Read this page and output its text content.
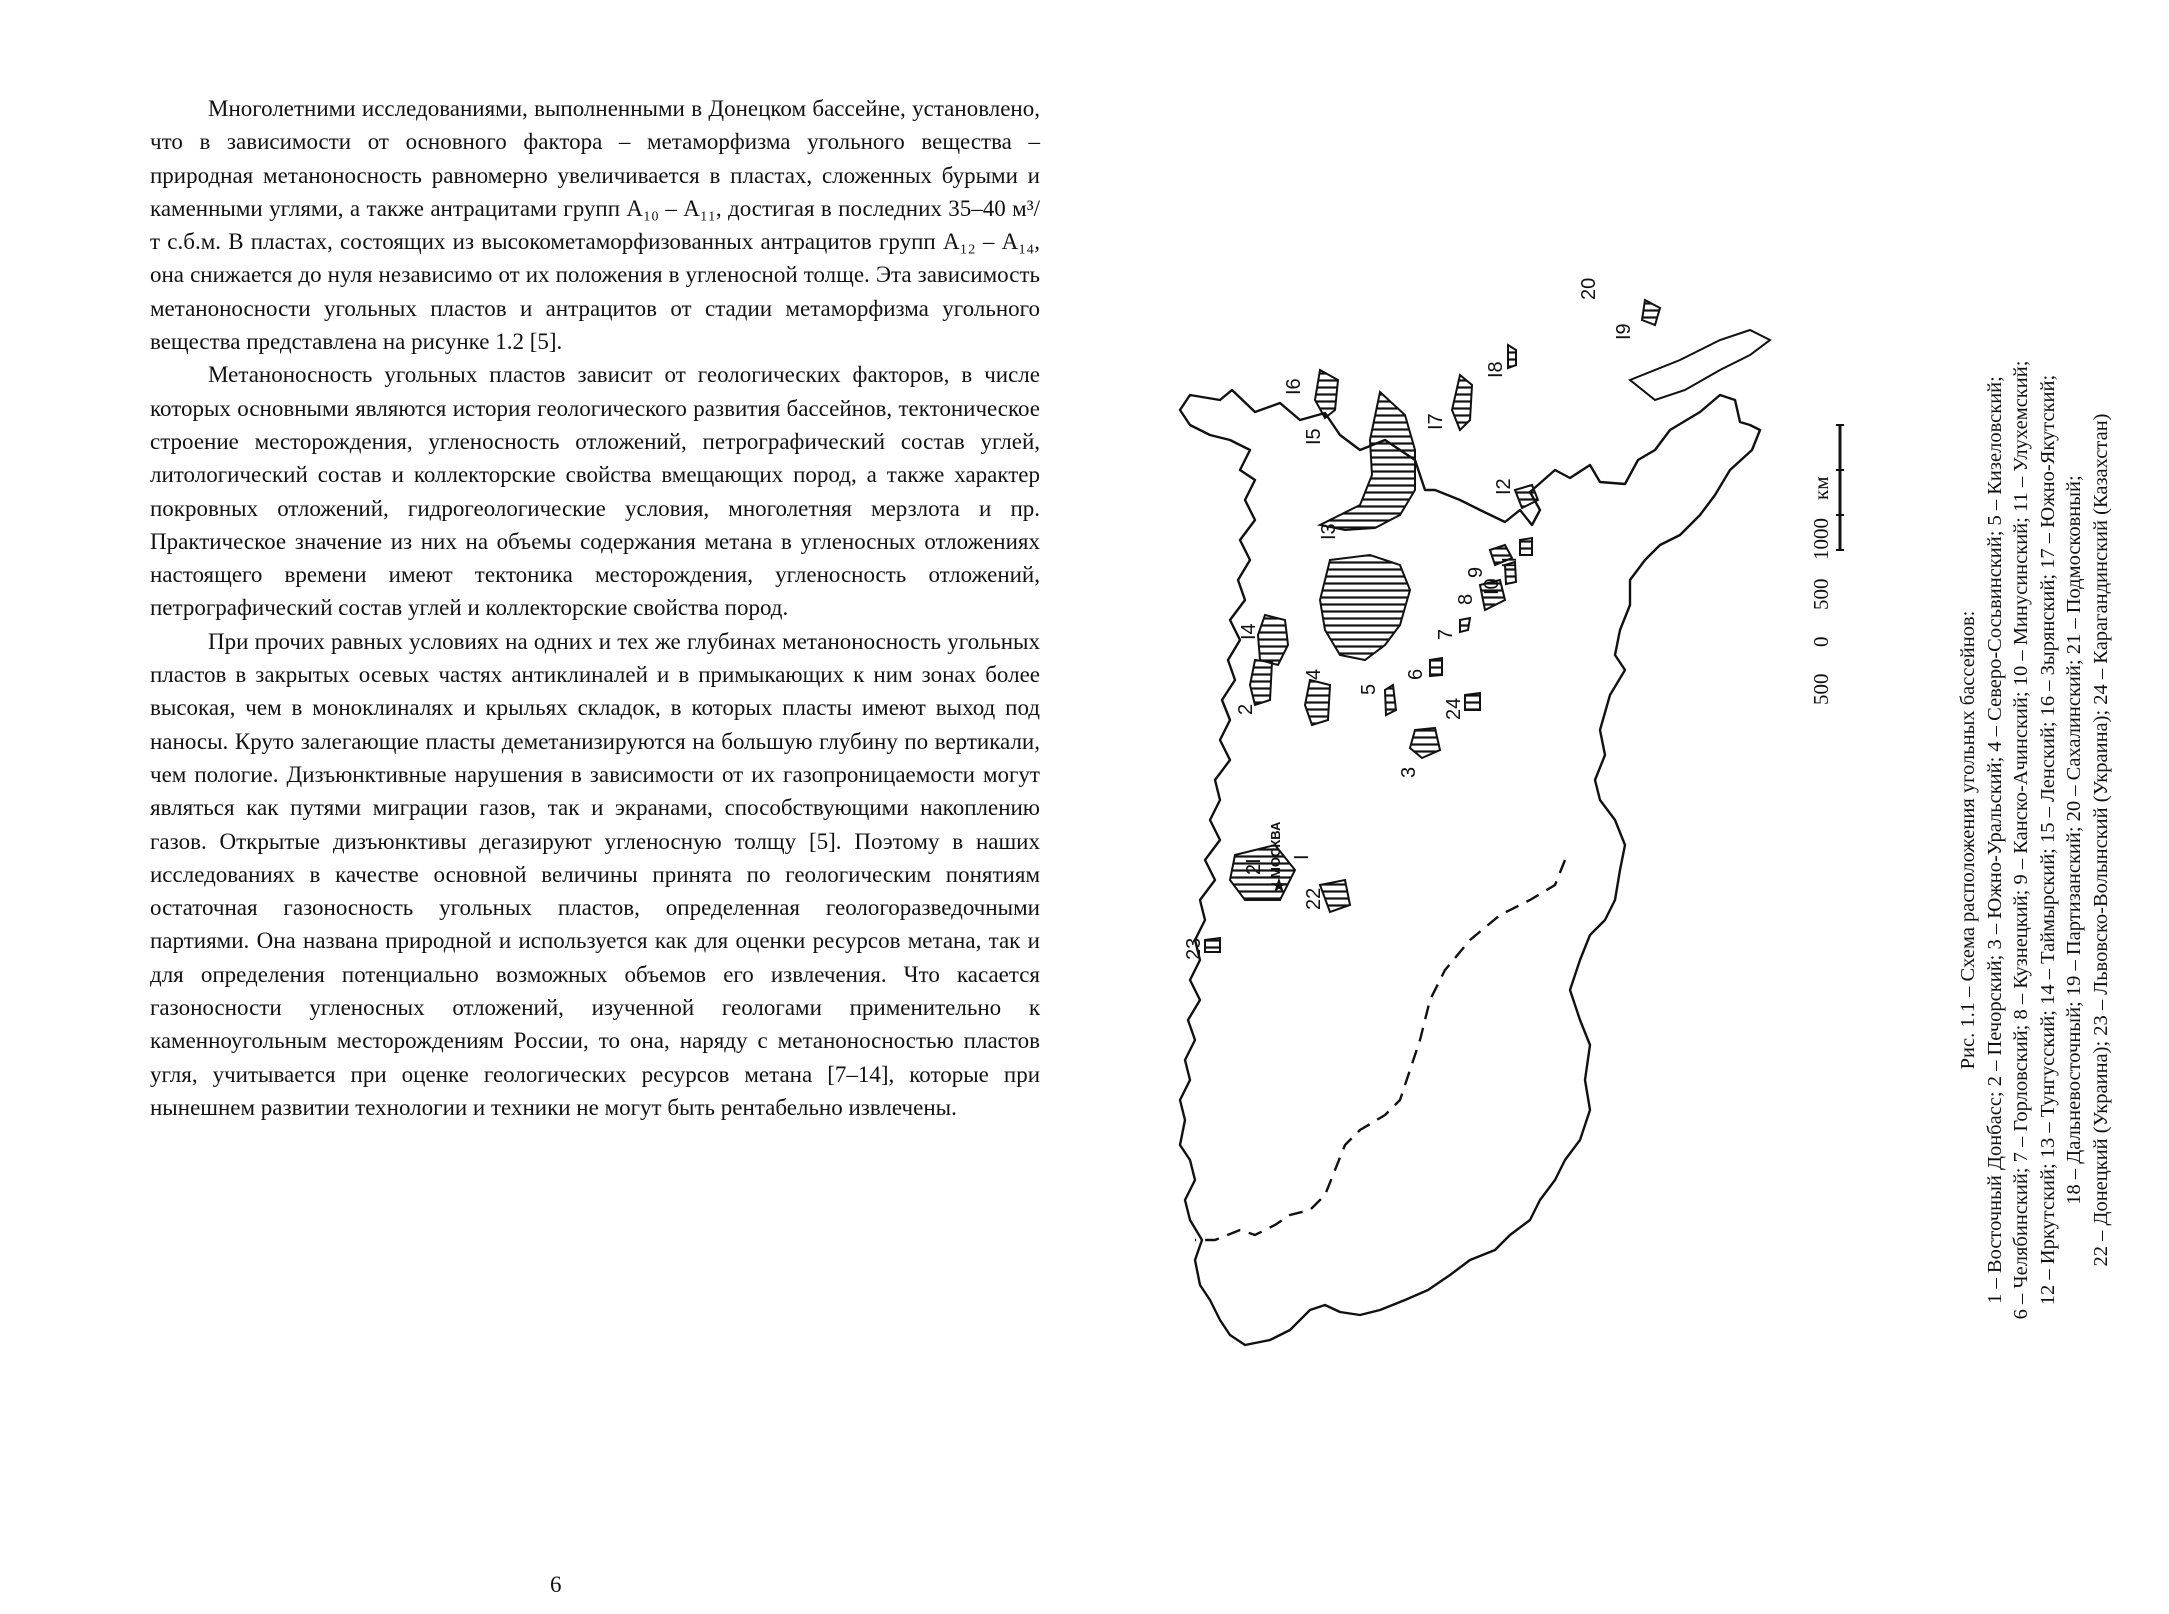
Многолетними исследованиями, выполненными в Донецком бассейне, установлено, что в зависимости от основного фактора – метаморфизма угольного вещества – природная метаноносность равномерно увеличивается в пластах, сложенных бурыми и каменными углями, а также антрацитами групп А₁₀ – А₁₁, достигая в последних 35–40 м³/т с.б.м. В пластах, состоящих из высокометаморфизованных антрацитов групп А₁₂ – А₁₄, она снижается до нуля независимо от их положения в угленосной толще. Эта зависимость метаноносности угольных пластов и антрацитов от стадии метаморфизма угольного вещества представлена на рисунке 1.2 [5].

Метаноносность угольных пластов зависит от геологических факторов, в числе которых основными являются история геологического развития бассейнов, тектоническое строение месторождения, угленосность отложений, петрографический состав углей, литологический состав и коллекторские свойства вмещающих пород, а также характер покровных отложений, гидрогеологические условия, многолетняя мерзлота и пр. Практическое значение из них на объемы содержания метана в угленосных отложениях настоящего времени имеют тектоника месторождения, угленосность отложений, петрографический состав углей и коллекторские свойства пород.

При прочих равных условиях на одних и тех же глубинах метаноносность угольных пластов в закрытых осевых частях антиклиналей и в примыкающих к ним зонах более высокая, чем в моноклиналях и крыльях складок, в которых пласты имеют выход под наносы. Круто залегающие пласты деметанизируются на большую глубину по вертикали, чем пологие. Дизъюнктивные нарушения в зависимости от их газопроницаемости могут являться как путями миграции газов, так и экранами, способствующими накоплению газов. Открытые дизъюнктивы дегазируют угленосную толщу [5]. Поэтому в наших исследованиях в качестве основной величины принята по геологическим понятиям остаточная газоносность угольных пластов, определенная геологоразведочными партиями. Она названа природной и используется как для оценки ресурсов метана, так и для определения потенциально возможных объемов его извлечения. Что касается газоносности угленосных отложений, изученной геологами применительно к каменноугольным месторождениям России, то она, наряду с метаноносностью пластов угля, учитывается при оценке геологических ресурсов метана [7–14], которые при нынешнем развитии технологии и техники не могут быть рентабельно извлечены.

6
★
МОСКВА I
2
3
4
5
6
7
8
9
I0
II
I2
I3
I4
I5
I6
I7
I8
I9
20
2I
22
23
24
500
0
500
1000
км
Рис. 1.1 – Схема расположения угольных бассейнов: 1 – Восточный Донбасс; 2 – Печорский; 3 – Южно-Уральский; 4 – Северо-Сосьвинский; 5 – Кизеловский; 6 – Челябинский; 7 – Горловский; 8 – Кузнецкий; 9 – Канско-Ачинский; 10 – Минусинский; 11 – Улухемский; 12 – Иркутский; 13 – Тунгусский; 14 – Таймырский; 15 – Ленский; 16 – Зырянский; 17 – Южно-Якутский; 18 – Дальневосточный; 19 – Партизанский; 20 – Сахалинский; 21 – Подмосковный; 22 – Донецкий (Украина); 23 – Львовско-Волынский (Украина); 24 – Карагандинский (Казахстан)
